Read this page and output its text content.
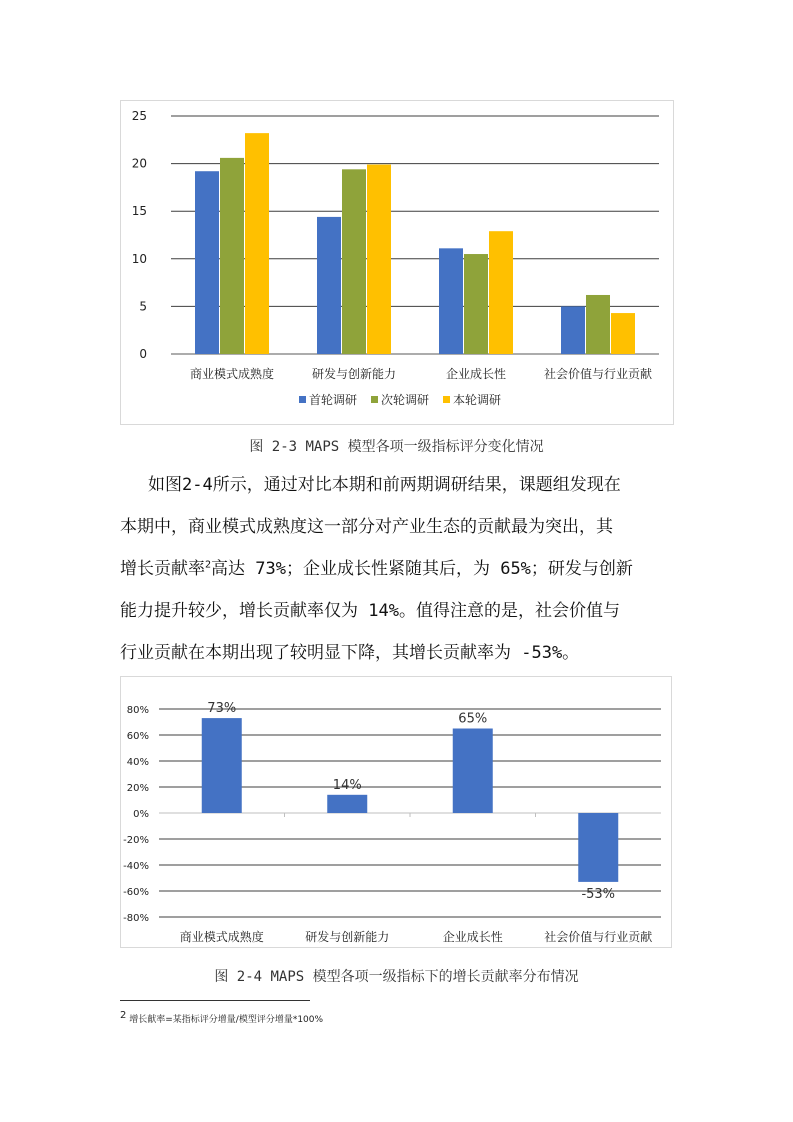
0
5
10
15
20
25
商业模式成熟度	研发与创新能力	企业成长性	社会价值与行业贡献
首轮调研 次轮调研 本轮调研
图 2-3 MAPS 模型各项一级指标评分变化情况
如图2-4所示，通过对比本期和前两期调研结果，课题组发现在
本期中，商业模式成熟度这一部分对产业生态的贡献最为突出，其
增长贡献率$^2$高达 73%；企业成长性紧随其后，为 65%；研发与创新
能力提升较少，增长贡献率仅为 14%。值得注意的是，社会价值与
行业贡献在本期出现了较明显下降，其增长贡献率为 -53%。
80%
60%
40%
20%
0%
-20%
-40%
-60%
-80%
73%
商业模式成熟度
14%
研发与创新能力
65%
企业成长性
-53%
社会价值与行业贡献
图 2-4 MAPS 模型各项一级指标下的增长贡献率分布情况
2 增长献率=某指标评分增量/模型评分增量*100%
